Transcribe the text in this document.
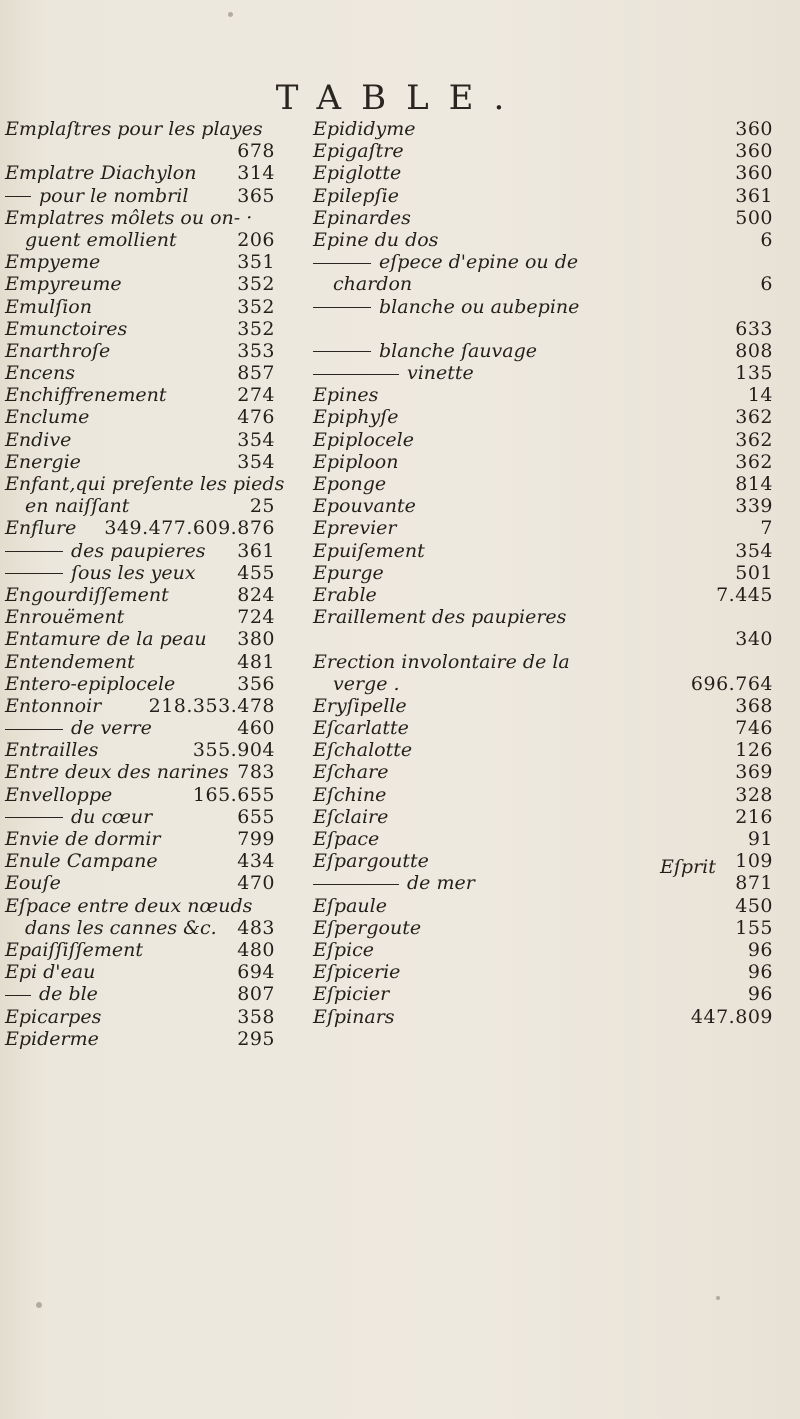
TABLE.
Emplaſtres pour les playes
678
Emplatre Diachylon 314
pour le nombril	365
Emplatres môlets ou on- ·
guent emollient	206
Empyeme	351
Empyreume	352
Emulſion	352
Emunctoires	352
Enarthroſe	353
Encens	857
Enchiffrenement	274
Enclume	476
Endive	354
Energie	354
Enfant,qui preſente les pieds
en naiſſant	25
Enflure 349.477.609.876
des paupieres 361
ſous les yeux 455
Engourdiſſement	824
Enrouëment	724
Entamure de la peau 380
Entendement	481
Entero-epiplocele	356
Entonnoir 218.353.478
de verre	460
Entrailles	355.904
Entre deux des narines 783
Envelloppe	165.655
du cœur	655
Envie de dormir	799
Enule Campane	434
Eouſe	470
Eſpace entre deux nœuds
dans les cannes &c. 483
Epaiſſiſſement	480
Epi d'eau	694
de ble	807
Epicarpes	358
Epiderme	295
Epididyme	360
Epigaſtre	360
Epiglotte	360
Epilepſie	361
Epinardes	500
Epine du dos	6
eſpece d'epine ou de
chardon	6
blanche ou aubepine
633
blanche ſauvage	808
vinette	135
Epines	14
Epiphyſe	362
Epiplocele	362
Epiploon	362
Eponge	814
Epouvante	339
Eprevier	7
Epuiſement	354
Epurge	501
Erable	7.445
Eraillement des paupieres
340
Erection involontaire de la
verge .	696.764
Eryſipelle	368
Eſcarlatte	746
Eſchalotte	126
Eſchare	369
Eſchine	328
Eſclaire	216
Eſpace	91
Eſpargoutte	109
de mer	871
Eſpaule	450
Eſpergoute	155
Eſpice	96
Eſpicerie	96
Eſpicier	96
Eſpinars	447.809
Eſprit
